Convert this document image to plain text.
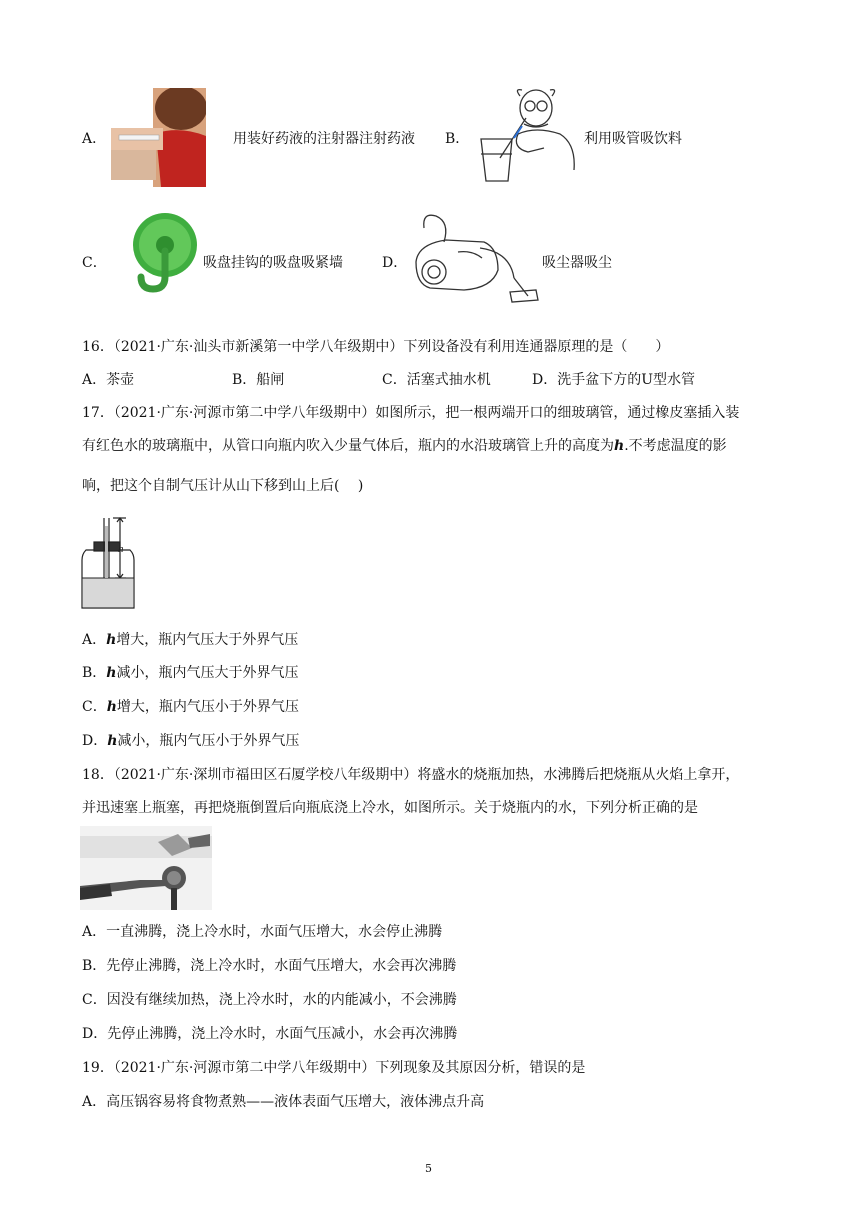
A．	用装好药液的注射器注射药液 B．	利用吸管吸饮料
C．	吸盘挂钩的吸盘吸紧墙	D．	吸尘器吸尘
16．（2021·广东·汕头市新溪第一中学八年级期中）下列设备没有利用连通器原理的是（　　）
A．茶壶	B．船闸	C．活塞式抽水机	D．洗手盆下方的U型水管
17．（2021·广东·河源市第二中学八年级期中）如图所示，把一根两端开口的细玻璃管，通过橡皮塞插入装
有红色水的玻璃瓶中，从管口向瓶内吹入少量气体后，瓶内的水沿玻璃管上升的高度为h.不考虑温度的影
响，把这个自制气压计从山下移到山上后(　 )
h
A．h增大，瓶内气压大于外界气压
B．h减小，瓶内气压大于外界气压
C．h增大，瓶内气压小于外界气压
D．h减小，瓶内气压小于外界气压
18．（2021·广东·深圳市福田区石厦学校八年级期中）将盛水的烧瓶加热，水沸腾后把烧瓶从火焰上拿开，
并迅速塞上瓶塞，再把烧瓶倒置后向瓶底浇上冷水，如图所示。关于烧瓶内的水，下列分析正确的是
A．一直沸腾，浇上冷水时，水面气压增大，水会停止沸腾
B．先停止沸腾，浇上冷水时，水面气压增大，水会再次沸腾
C．因没有继续加热，浇上冷水时，水的内能减小，不会沸腾
D．先停止沸腾，浇上冷水时，水面气压减小，水会再次沸腾
19．（2021·广东·河源市第二中学八年级期中）下列现象及其原因分析，错误的是
A．高压锅容易将食物煮熟——液体表面气压增大，液体沸点升高
5
